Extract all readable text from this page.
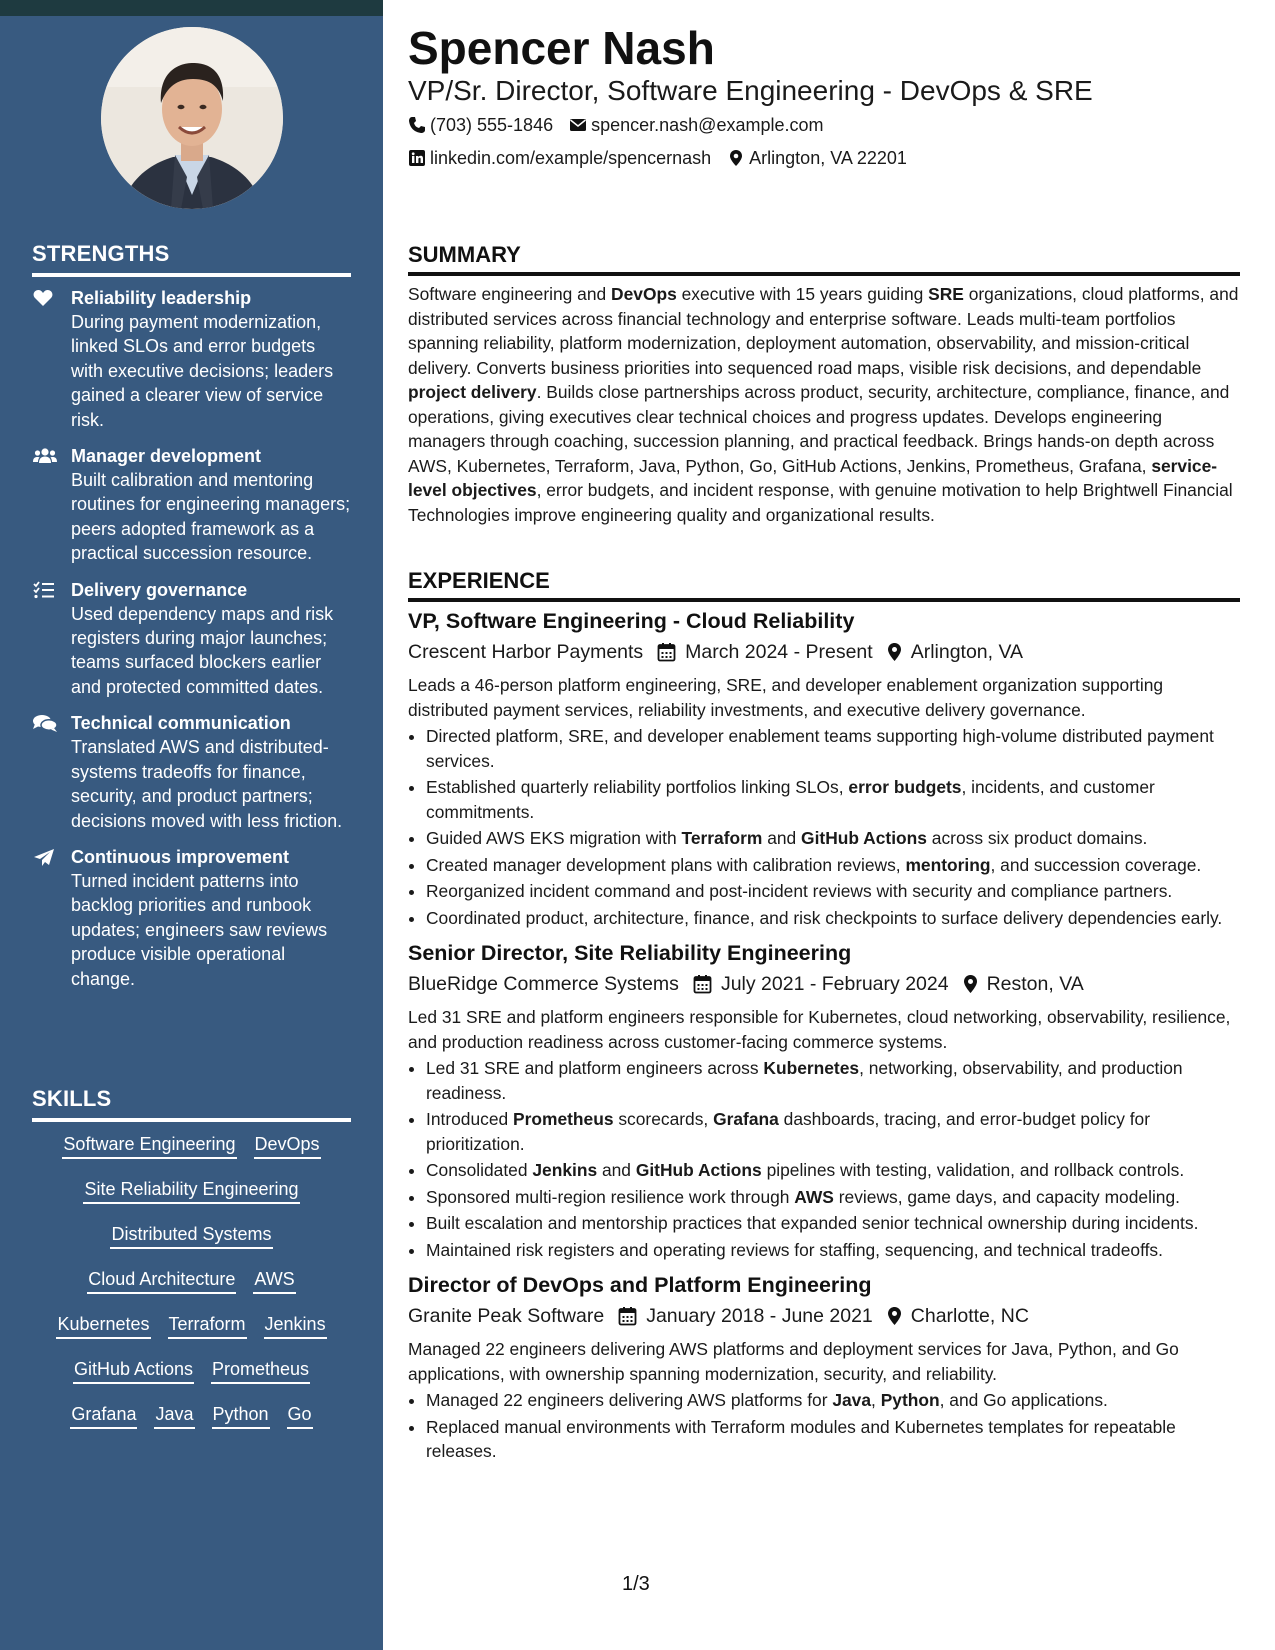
STRENGTHS
Reliability leadership
During payment modernization, linked SLOs and error budgets with executive decisions; leaders gained a clearer view of service risk.
Manager development
Built calibration and mentoring routines for engineering managers; peers adopted framework as a practical succession resource.
Delivery governance
Used dependency maps and risk registers during major launches; teams surfaced blockers earlier and protected committed dates.
Technical communication
Translated AWS and distributed-systems tradeoffs for finance, security, and product partners; decisions moved with less friction.
Continuous improvement
Turned incident patterns into backlog priorities and runbook updates; engineers saw reviews produce visible operational change.
SKILLS
Software Engineering DevOps
Site Reliability Engineering
Distributed Systems
Cloud Architecture AWS
Kubernetes Terraform Jenkins
GitHub Actions Prometheus
Grafana Java Python Go
Spencer Nash
VP/Sr. Director, Software Engineering - DevOps & SRE
(703) 555-1846 spencer.nash@example.com
linkedin.com/example/spencernash Arlington, VA 22201
SUMMARY

Software engineering and DevOps executive with 15 years guiding SRE organizations, cloud platforms, and distributed services across financial technology and enterprise software. Leads multi-team portfolios spanning reliability, platform modernization, deployment automation, observability, and mission-critical delivery. Converts business priorities into sequenced road maps, visible risk decisions, and dependable project delivery. Builds close partnerships across product, security, architecture, compliance, finance, and operations, giving executives clear technical choices and progress updates. Develops engineering managers through coaching, succession planning, and practical feedback. Brings hands-on depth across AWS, Kubernetes, Terraform, Java, Python, Go, GitHub Actions, Jenkins, Prometheus, Grafana, service-level objectives, error budgets, and incident response, with genuine motivation to help Brightwell Financial Technologies improve engineering quality and organizational results.

EXPERIENCE
VP, Software Engineering - Cloud Reliability
Crescent Harbor Payments March 2024 - Present Arlington, VA

Leads a 46-person platform engineering, SRE, and developer enablement organization supporting distributed payment services, reliability investments, and executive delivery governance.

• Directed platform, SRE, and developer enablement teams supporting high-volume distributed payment services.
• Established quarterly reliability portfolios linking SLOs, error budgets, incidents, and customer commitments.
• Guided AWS EKS migration with Terraform and GitHub Actions across six product domains.
• Created manager development plans with calibration reviews, mentoring, and succession coverage.
• Reorganized incident command and post-incident reviews with security and compliance partners.
• Coordinated product, architecture, finance, and risk checkpoints to surface delivery dependencies early.
Senior Director, Site Reliability Engineering
BlueRidge Commerce Systems July 2021 - February 2024 Reston, VA

Led 31 SRE and platform engineers responsible for Kubernetes, cloud networking, observability, resilience, and production readiness across customer-facing commerce systems.

• Led 31 SRE and platform engineers across Kubernetes, networking, observability, and production readiness.
• Introduced Prometheus scorecards, Grafana dashboards, tracing, and error-budget policy for prioritization.
• Consolidated Jenkins and GitHub Actions pipelines with testing, validation, and rollback controls.
• Sponsored multi-region resilience work through AWS reviews, game days, and capacity modeling.
• Built escalation and mentorship practices that expanded senior technical ownership during incidents.
• Maintained risk registers and operating reviews for staffing, sequencing, and technical tradeoffs.
Director of DevOps and Platform Engineering
Granite Peak Software January 2018 - June 2021 Charlotte, NC

Managed 22 engineers delivering AWS platforms and deployment services for Java, Python, and Go applications, with ownership spanning modernization, security, and reliability.

• Managed 22 engineers delivering AWS platforms for Java, Python, and Go applications.
• Replaced manual environments with Terraform modules and Kubernetes templates for repeatable releases.
1/3
